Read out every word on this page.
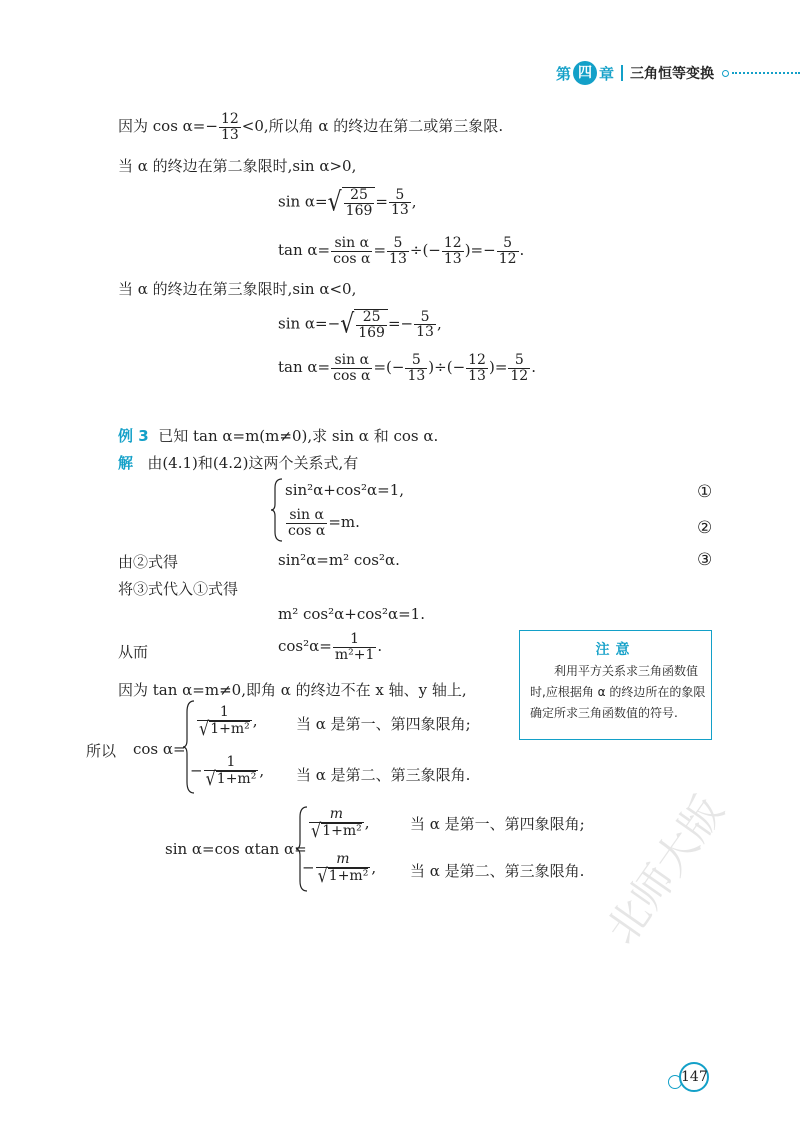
第 四 章 三角恒等变换
因为 $\cos \alpha=- \frac{12}{13} <0$,所以角 α 的终边在第二或第三象限.
当 α 的终边在第二象限时,sin α>0,
$\sin \alpha=√ \frac{25}{169} = \frac{5}{13}$ ,
$\tan \alpha= \frac{\text{sin α}}{\text{cos α}} = \frac{5}{13}$ ÷(− $\frac{12}{13}$ )=− $\frac{5}{12}$ .
当 α 的终边在第三象限时,sin α<0,
$\sin \alpha=-√ \frac{25}{169} =- \frac{5}{13}$ ,
$\tan \alpha= \frac{\text{sin α}}{\text{cos α}}$ =(− $\frac{5}{13}$ )÷(− $\frac{12}{13}$ )= $\frac{5}{12}$ .
例 3 已知 tan α=m(m≠0),求 sin α 和 cos α.
解 由(4.1)和(4.2)这两个关系式,有
sin²α+cos²α=1,
$\frac{\text{sin α}}{\text{cos α}} =m$.
①
②
由②式得	sin²α=m² cos²α.	③
将③式代入①式得
m² cos²α+cos²α=1.
从而	$\cos^2\alpha= \frac{1}{\text{m²+1}}$ .
因为 tan α=m≠0,即角 α 的终边不在 x 轴、y 轴上,
所以 cos α=
$\frac{1}{\text{√1+m²}}$ ,	当 α 是第一、第四象限角;
− $\frac{1}{\text{√1+m²}}$ , 当 α 是第二、第三象限角.
sin α=cos αtan α=
$\frac{m}{\text{√1+m²}}$ ,	当 α 是第一、第四象限角;
− $\frac{m}{\text{√1+m²}}$ , 当 α 是第二、第三象限角.
注意
利用平方关系求三角函数值时,应根据角 α 的终边所在的象限确定所求三角函数值的符号.
北师大版
147
